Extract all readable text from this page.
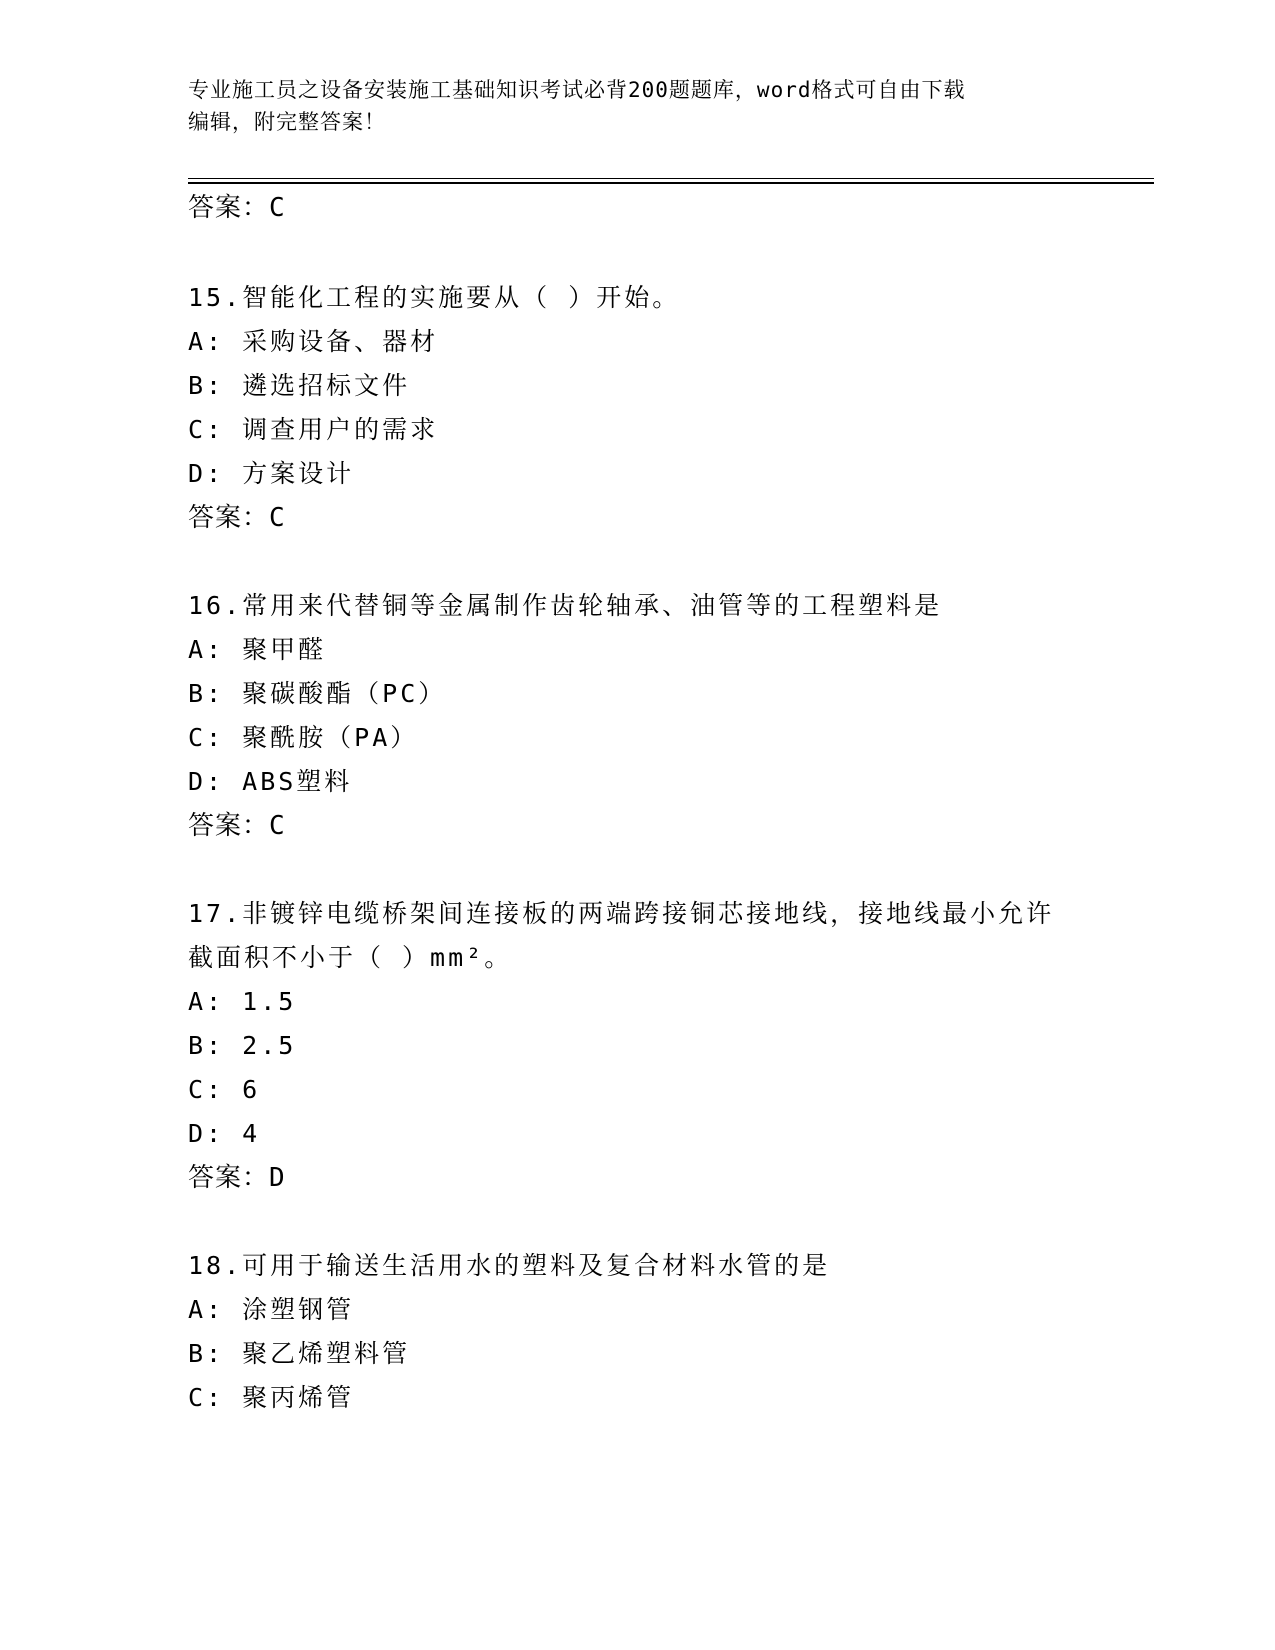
专业施工员之设备安装施工基础知识考试必背200题题库，word格式可自由下载
编辑，附完整答案！
答案：C
15.智能化工程的实施要从（ ）开始。
A: 采购设备、器材
B: 遴选招标文件
C: 调查用户的需求
D: 方案设计
答案：C
16.常用来代替铜等金属制作齿轮轴承、油管等的工程塑料是
A: 聚甲醛
B: 聚碳酸酯（PC）
C: 聚酰胺（PA）
D: ABS塑料
答案：C
17.非镀锌电缆桥架间连接板的两端跨接铜芯接地线，接地线最小允许
截面积不小于（ ）mm²。
A: 1.5
B: 2.5
C: 6
D: 4
答案：D
18.可用于输送生活用水的塑料及复合材料水管的是
A: 涂塑钢管
B: 聚乙烯塑料管
C: 聚丙烯管
